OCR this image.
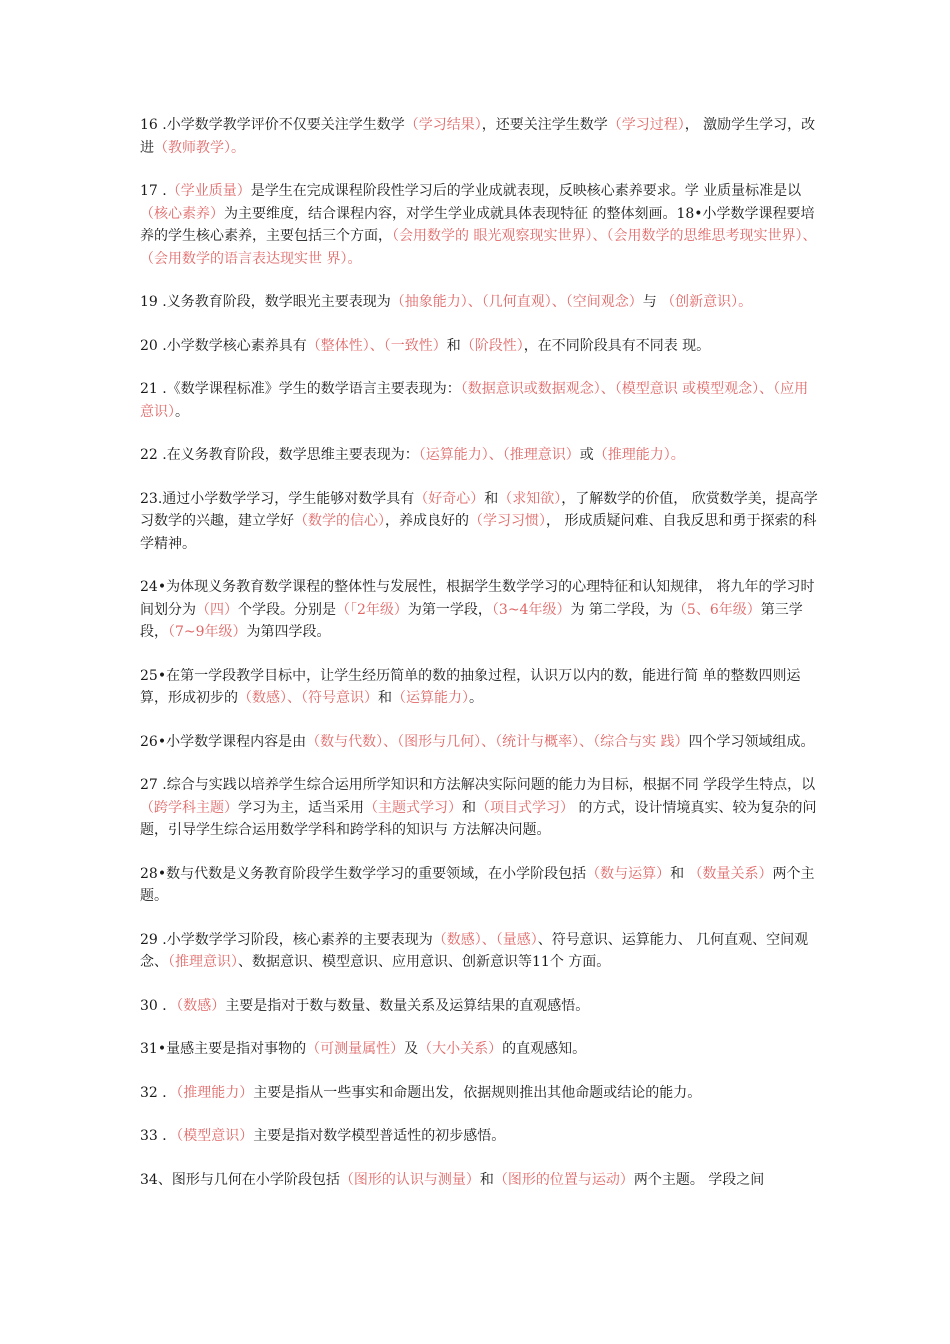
16 .小学数学教学评价不仅要关注学生数学（学习结果），还要关注学生数学（学习过程）， 激励学生学习，改进（教师教学）。

17 .（学业质量）是学生在完成课程阶段性学习后的学业成就表现，反映核心素养要求。学 业质量标准是以（核心素养）为主要维度，结合课程内容，对学生学业成就具体表现特征 的整体刻画。18•小学数学课程要培养的学生核心素养，主要包括三个方面，（会用数学的 眼光观察现实世界）、（会用数学的思维思考现实世界）、（会用数学的语言表达现实世 界）。

19 .义务教育阶段，数学眼光主要表现为（抽象能力）、（几何直观）、（空间观念）与 （创新意识）。

20 .小学数学核心素养具有（整体性）、（一致性）和（阶段性），在不同阶段具有不同表 现。

21 .《数学课程标准》学生的数学语言主要表现为：（数据意识或数据观念）、（模型意识 或模型观念）、（应用意识）。

22 .在义务教育阶段，数学思维主要表现为：（运算能力）、（推理意识）或（推理能力）。

23.通过小学数学学习，学生能够对数学具有（好奇心）和（求知欲），了解数学的价值， 欣赏数学美，提高学习数学的兴趣，建立学好（数学的信心），养成良好的（学习习惯）， 形成质疑问难、自我反思和勇于探索的科学精神。

24•为体现义务教育数学课程的整体性与发展性，根据学生数学学习的心理特征和认知规律， 将九年的学习时间划分为（四）个学段。分别是（「2年级）为第一学段，（3~4年级）为 第二学段，为（5、6年级）第三学段，（7~9年级）为第四学段。

25•在第一学段教学目标中，让学生经历简单的数的抽象过程，认识万以内的数，能进行简 单的整数四则运算，形成初步的（数感）、（符号意识）和（运算能力）。

26•小学数学课程内容是由（数与代数）、（图形与几何）、（统计与概率）、（综合与实 践）四个学习领域组成。

27 .综合与实践以培养学生综合运用所学知识和方法解决实际问题的能力为目标，根据不同 学段学生特点，以（跨学科主题）学习为主，适当采用（主题式学习）和（项目式学习） 的方式，设计情境真实、较为复杂的问题，引导学生综合运用数学学科和跨学科的知识与 方法解决问题。

28•数与代数是义务教育阶段学生数学学习的重要领域，在小学阶段包括（数与运算）和 （数量关系）两个主题。

29 .小学数学学习阶段，核心素养的主要表现为（数感）、（量感）、符号意识、运算能力、 几何直观、空间观念、（推理意识）、数据意识、模型意识、应用意识、创新意识等11个 方面。

30 ．（数感）主要是指对于数与数量、数量关系及运算结果的直观感悟。

31•量感主要是指对事物的（可测量属性）及（大小关系）的直观感知。

32 ．（推理能力）主要是指从一些事实和命题出发，依据规则推出其他命题或结论的能力。

33 ．（模型意识）主要是指对数学模型普适性的初步感悟。

34、图形与几何在小学阶段包括（图形的认识与测量）和（图形的位置与运动）两个主题。 学段之间
